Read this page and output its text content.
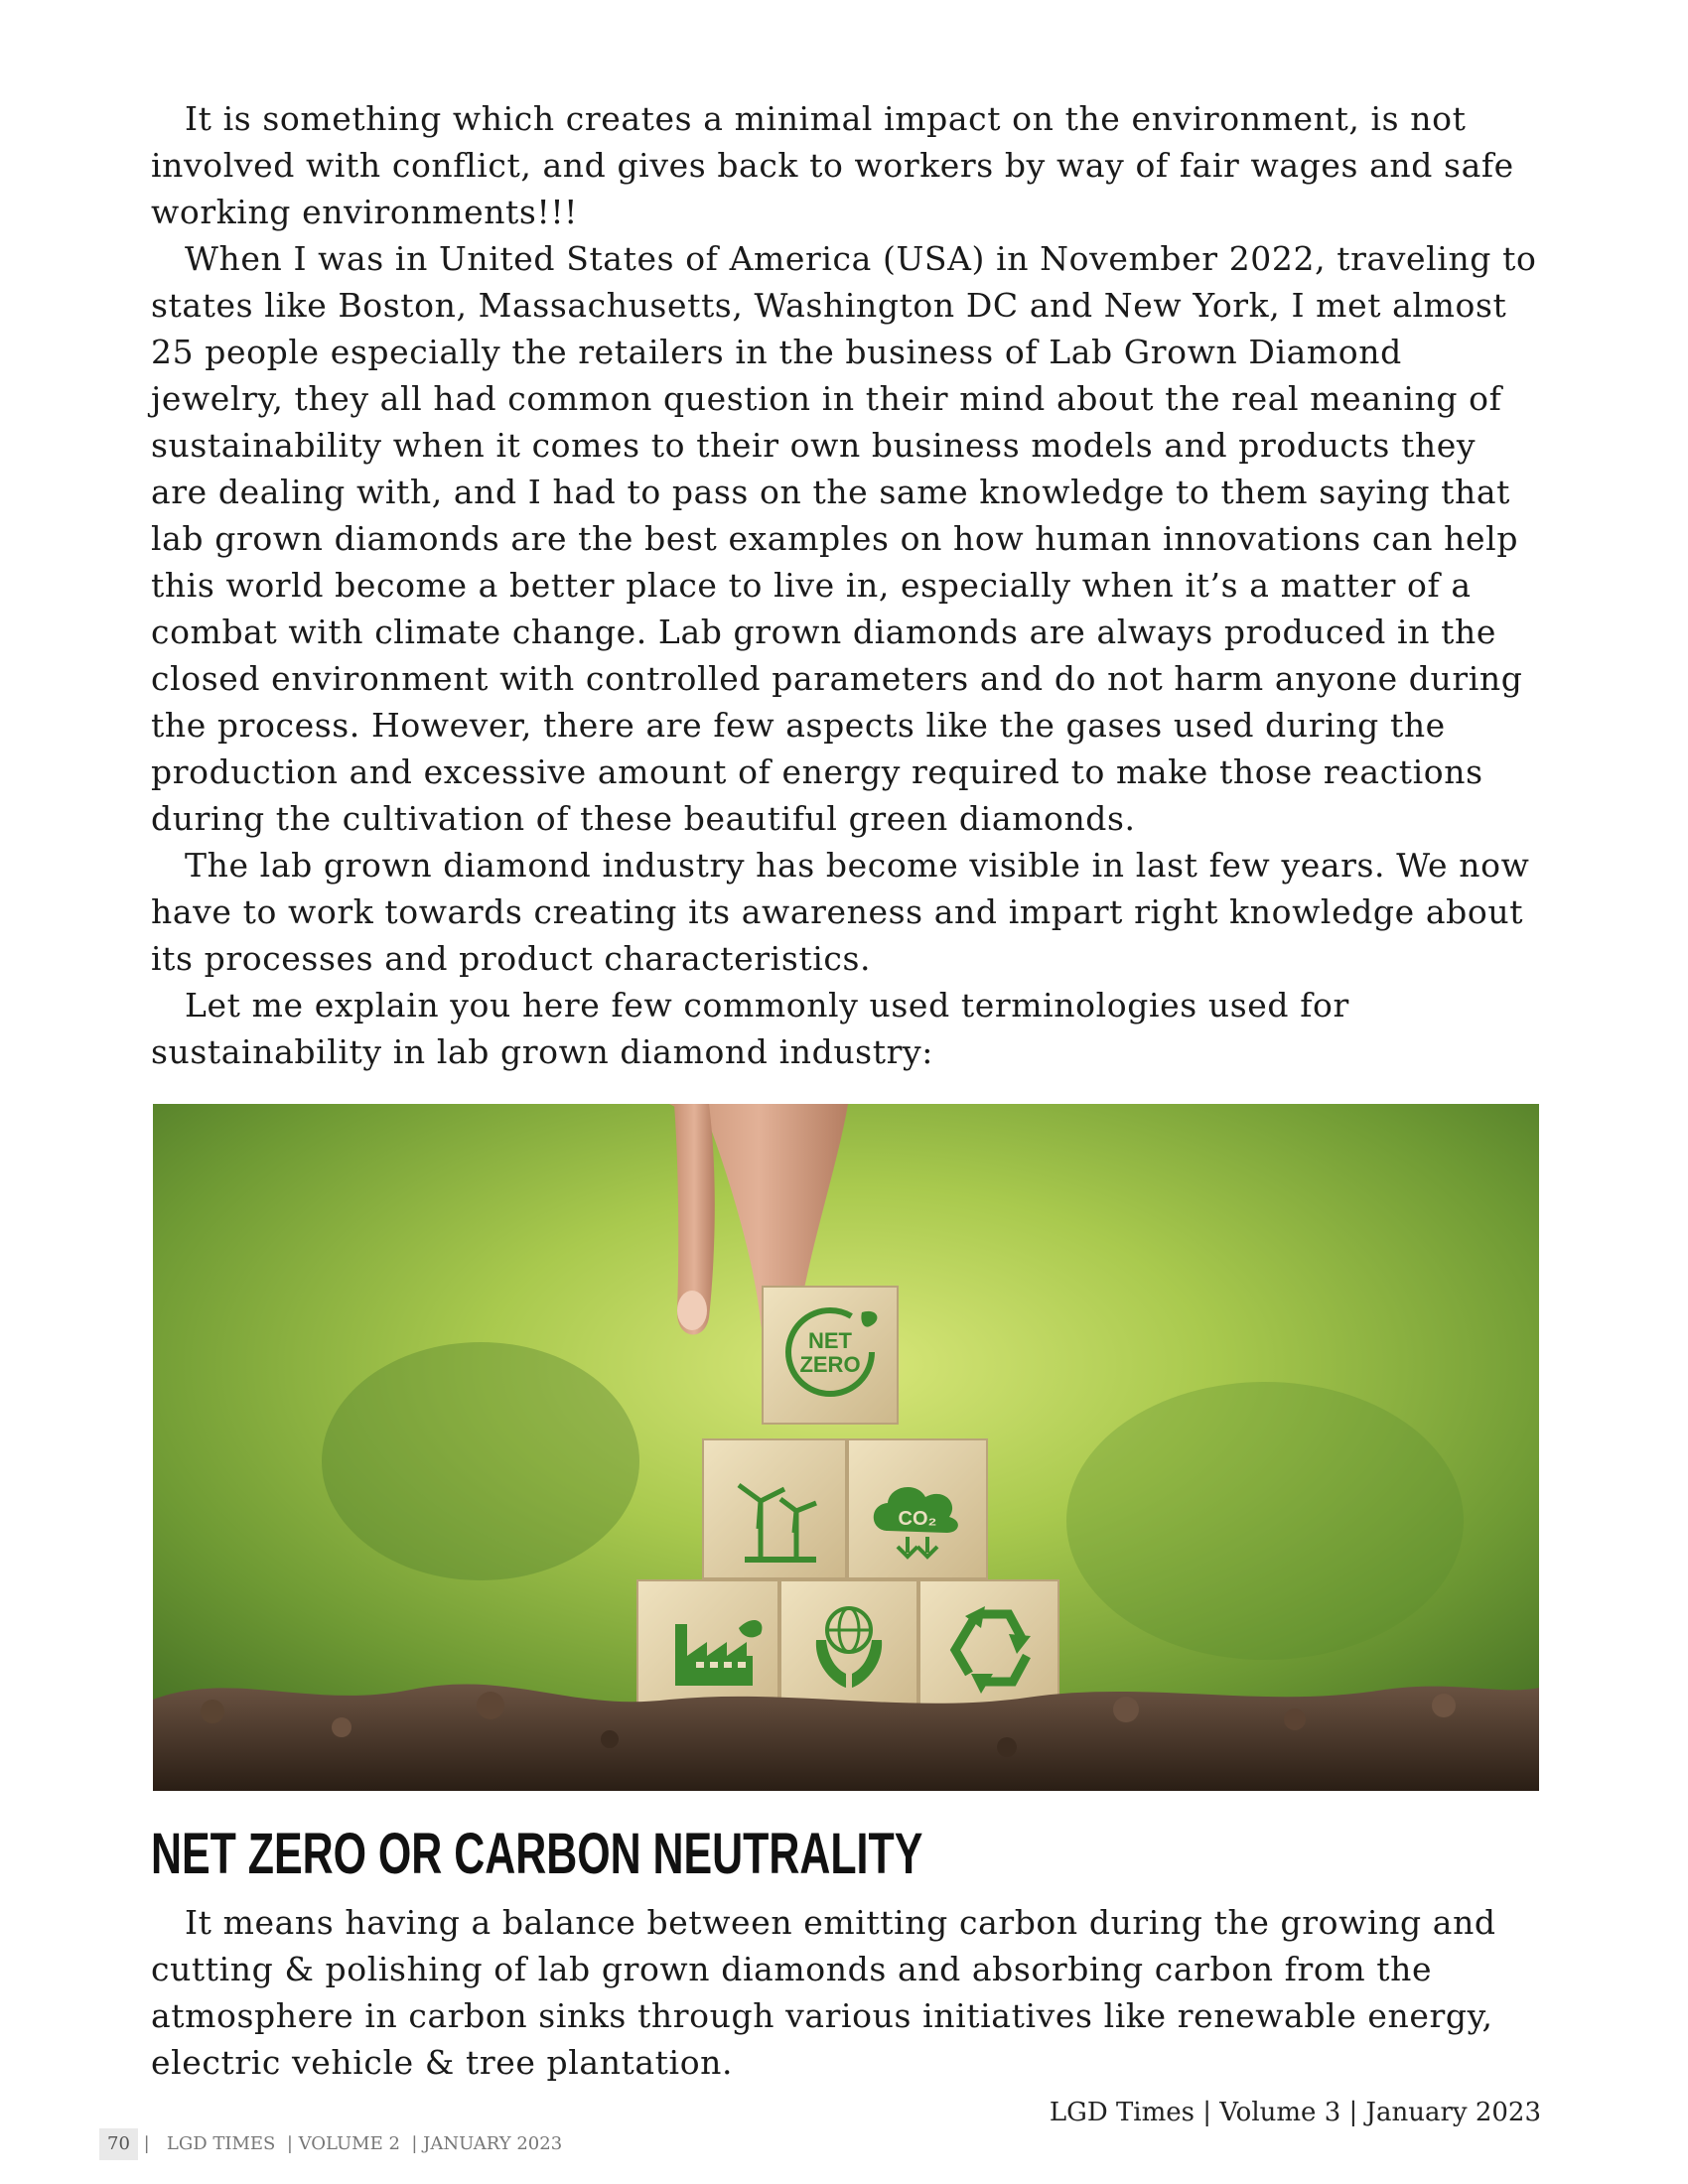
It is something which creates a minimal impact on the environment, is not involved with conflict, and gives back to workers by way of fair wages and safe working environments!!!

When I was in United States of America (USA) in November 2022, traveling to states like Boston, Massachusetts, Washington DC and New York, I met almost 25 people especially the retailers in the business of Lab Grown Diamond jewelry, they all had common question in their mind about the real meaning of sustainability when it comes to their own business models and products they are dealing with, and I had to pass on the same knowledge to them saying that lab grown diamonds are the best examples on how human innovations can help this world become a better place to live in, especially when it’s a matter of a combat with climate change. Lab grown diamonds are always produced in the closed environment with controlled parameters and do not harm anyone during the process. However, there are few aspects like the gases used during the production and excessive amount of energy required to make those reactions during the cultivation of these beautiful green diamonds.

The lab grown diamond industry has become visible in last few years. We now have to work towards creating its awareness and impart right knowledge about its processes and product characteristics.

Let me explain you here few commonly used terminologies used for sustainability in lab grown diamond industry:

NET
ZERO
CO₂
NET ZERO OR CARBON NEUTRALITY

It means having a balance between emitting carbon during the growing and cutting & polishing of lab grown diamonds and absorbing carbon from the atmosphere in carbon sinks through various initiatives like renewable energy, electric vehicle & tree plantation.

LGD Times | Volume 3 | January 2023
70 |   LGD TIMES  | VOLUME 2  | JANUARY 2023
